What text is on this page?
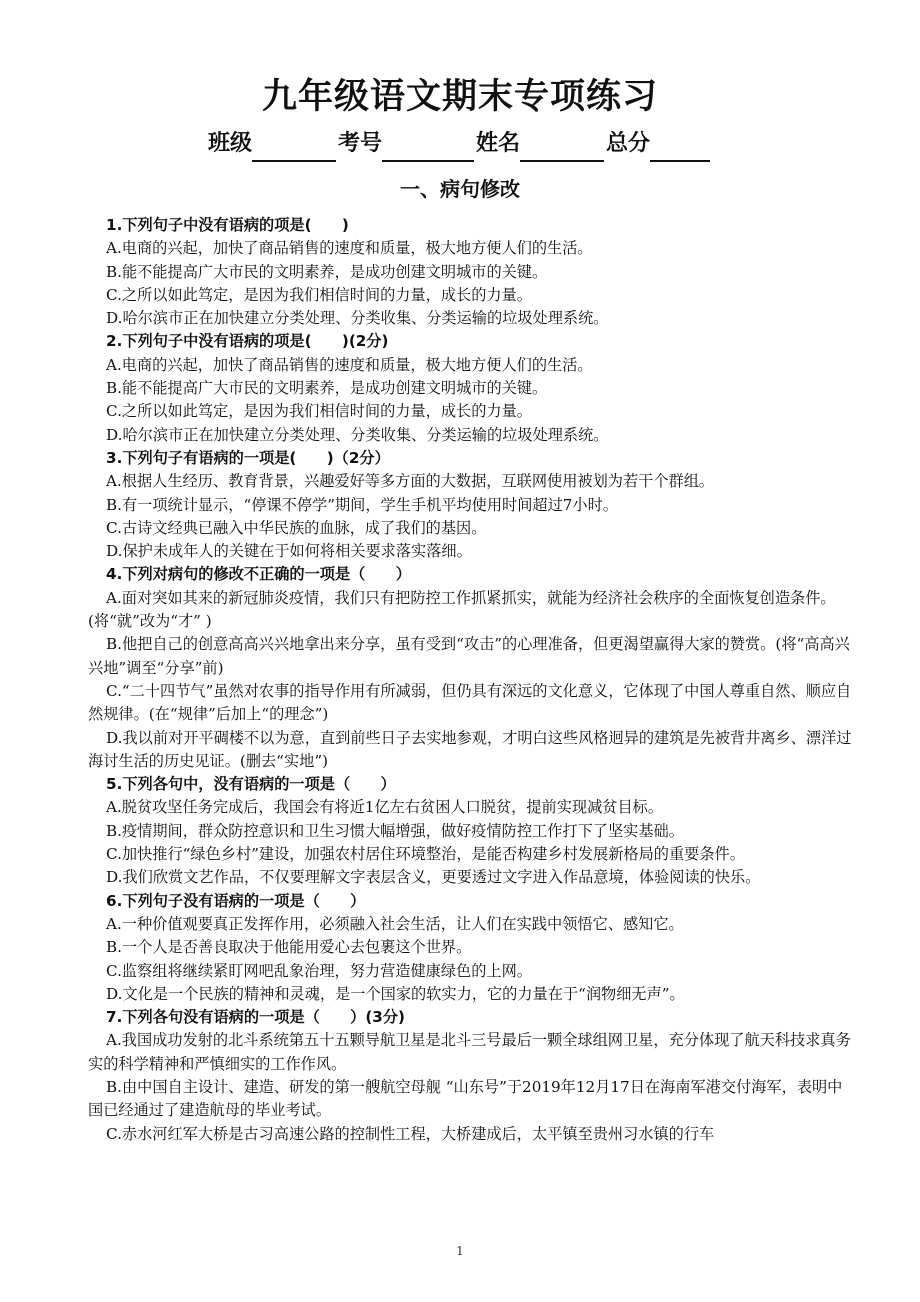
九年级语文期末专项练习
班级	考号	姓名	总分
一、病句修改

1.下列句子中没有语病的项是(　　)

A.电商的兴起，加快了商品销售的速度和质量，极大地方便人们的生活。

B.能不能提高广大市民的文明素养，是成功创建文明城市的关键。

C.之所以如此笃定，是因为我们相信时间的力量，成长的力量。

D.哈尔滨市正在加快建立分类处理、分类收集、分类运输的垃圾处理系统。

2.下列句子中没有语病的项是(　　)(2分)

A.电商的兴起，加快了商品销售的速度和质量，极大地方便人们的生活。

B.能不能提高广大市民的文明素养，是成功创建文明城市的关键。

C.之所以如此笃定，是因为我们相信时间的力量，成长的力量。

D.哈尔滨市正在加快建立分类处理、分类收集、分类运输的垃圾处理系统。

3.下列句子有语病的一项是(　　)（2分）

A.根据人生经历、教育背景，兴趣爱好等多方面的大数据，互联网使用被划为若干个群组。

B.有一项统计显示，“停课不停学”期间，学生手机平均使用时间超过7小时。

C.古诗文经典已融入中华民族的血脉，成了我们的基因。

D.保护未成年人的关键在于如何将相关要求落实落细。

4.下列对病句的修改不正确的一项是（　　）

A.面对突如其来的新冠肺炎疫情，我们只有把防控工作抓紧抓实，就能为经济社会秩序的全面恢复创造条件。(将“就”改为“才” )

B.他把自己的创意高高兴兴地拿出来分享，虽有受到“攻击”的心理准备，但更渴望赢得大家的赞赏。(将“高高兴兴地”调至“分享”前)

C.“二十四节气”虽然对农事的指导作用有所减弱，但仍具有深远的文化意义，它体现了中国人尊重自然、顺应自然规律。(在“规律”后加上“的理念”)

D.我以前对开平碉楼不以为意，直到前些日子去实地参观，才明白这些风格迥异的建筑是先被背井离乡、漂洋过海讨生活的历史见证。(删去“实地”)

5.下列各句中，没有语病的一项是（　　）

A.脱贫攻坚任务完成后，我国会有将近1亿左右贫困人口脱贫，提前实现减贫目标。

B.疫情期间，群众防控意识和卫生习惯大幅增强，做好疫情防控工作打下了坚实基础。

C.加快推行“绿色乡村”建设，加强农村居住环境整治，是能否构建乡村发展新格局的重要条件。

D.我们欣赏文艺作品，不仅要理解文字表层含义，更要透过文字进入作品意境，体验阅读的快乐。

6.下列句子没有语病的一项是（　　）

A.一种价值观要真正发挥作用，必须融入社会生活，让人们在实践中领悟它、感知它。

B.一个人是否善良取决于他能用爱心去包裹这个世界。

C.监察组将继续紧盯网吧乱象治理，努力营造健康绿色的上网。

D.文化是一个民族的精神和灵魂，是一个国家的软实力，它的力量在于“润物细无声”。

7.下列各句没有语病的一项是（　　）(3分)

A.我国成功发射的北斗系统第五十五颗导航卫星是北斗三号最后一颗全球组网卫星，充分体现了航天科技求真务实的科学精神和严慎细实的工作作风。

B.由中国自主设计、建造、研发的第一艘航空母舰 “山东号”于2019年12月17日在海南军港交付海军，表明中国已经通过了建造航母的毕业考试。

C.赤水河红军大桥是古习高速公路的控制性工程，大桥建成后，太平镇至贵州习水镇的行车

1
